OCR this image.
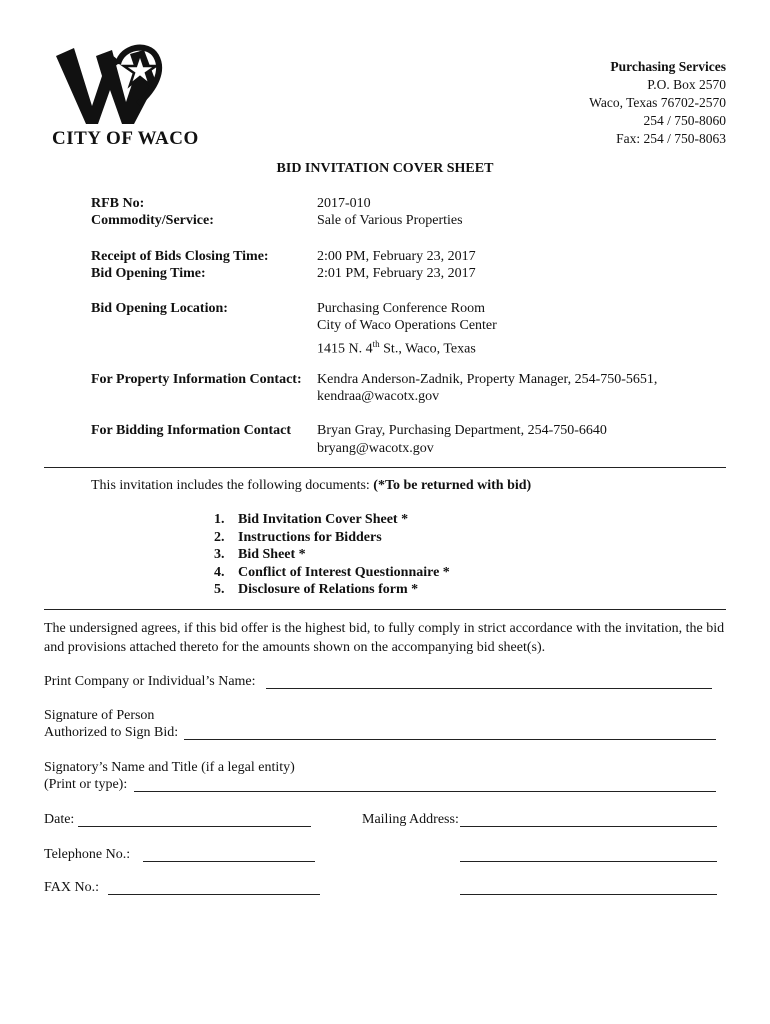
CITY OF WACO
Purchasing Services
P.O. Box 2570
Waco, Texas 76702-2570
254 / 750-8060
Fax: 254 / 750-8063
BID INVITATION COVER SHEET
RFB No:	2017-010
Commodity/Service:	Sale of Various Properties
Receipt of Bids Closing Time:	2:00 PM, February 23, 2017
Bid Opening Time:	2:01 PM, February 23, 2017
Bid Opening Location:	Purchasing Conference Room
City of Waco Operations Center
1415 N. 4th St., Waco, Texas
For Property Information Contact: Kendra Anderson-Zadnik, Property Manager, 254-750-5651,
kendraa@wacotx.gov
For Bidding Information Contact Bryan Gray, Purchasing Department, 254-750-6640
bryang@wacotx.gov
This invitation includes the following documents: (*To be returned with bid)
1. Bid Invitation Cover Sheet *
2. Instructions for Bidders
3. Bid Sheet *
4. Conflict of Interest Questionnaire *
5. Disclosure of Relations form *
The undersigned agrees, if this bid offer is the highest bid, to fully comply in strict accordance with the invitation, the bid and provisions attached thereto for the amounts shown on the accompanying bid sheet(s).
Print Company or Individual’s Name:
Signature of Person
Authorized to Sign Bid:
Signatory’s Name and Title (if a legal entity)
(Print or type):
Date:	Mailing Address:
Telephone No.:
FAX No.:
